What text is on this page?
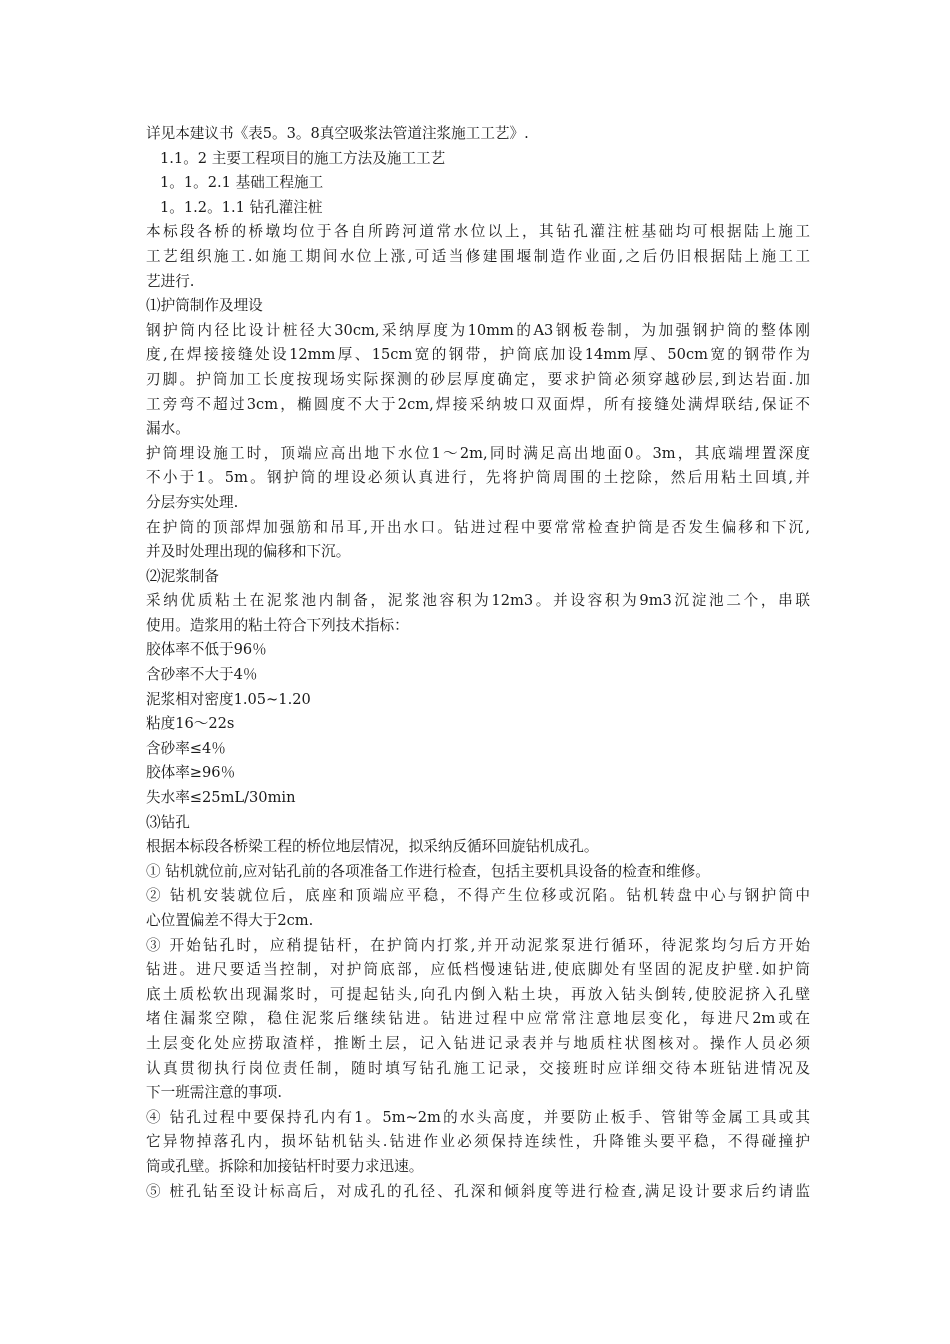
详见本建议书《表5。3。8真空吸浆法管道注浆施工工艺》.
1.1。2 主要工程项目的施工方法及施工工艺
1。1。2.1 基础工程施工
1。1.2。1.1 钻孔灌注桩
本标段各桥的桥墩均位于各自所跨河道常水位以上，其钻孔灌注桩基础均可根据陆上施工
工艺组织施工.如施工期间水位上涨,可适当修建围堰制造作业面,之后仍旧根据陆上施工工
艺进行.
⑴护筒制作及埋设
钢护筒内径比设计桩径大30cm,采纳厚度为10mm的A3钢板卷制，为加强钢护筒的整体刚
度,在焊接接缝处设12mm厚、15cm宽的钢带，护筒底加设14mm厚、50cm宽的钢带作为
刃脚。护筒加工长度按现场实际探测的砂层厚度确定，要求护筒必须穿越砂层,到达岩面.加
工旁弯不超过3cm，椭圆度不大于2cm,焊接采纳坡口双面焊，所有接缝处满焊联结,保证不
漏水。
护筒埋设施工时，顶端应高出地下水位1～2m,同时满足高出地面0。3m，其底端埋置深度
不小于1。5m。钢护筒的埋设必须认真进行，先将护筒周围的土挖除，然后用粘土回填,并
分层夯实处理.
在护筒的顶部焊加强筋和吊耳,开出水口。钻进过程中要常常检查护筒是否发生偏移和下沉,
并及时处理出现的偏移和下沉。
⑵泥浆制备
采纳优质粘土在泥浆池内制备，泥浆池容积为12m3。并设容积为9m3沉淀池二个，串联
使用。造浆用的粘土符合下列技术指标：
胶体率不低于96％
含砂率不大于4％
泥浆相对密度1.05~1.20
粘度16～22s
含砂率≤4％
胶体率≥96％
失水率≤25mL/30min
⑶钻孔
根据本标段各桥梁工程的桥位地层情况，拟采纳反循环回旋钻机成孔。
① 钻机就位前,应对钻孔前的各项准备工作进行检查，包括主要机具设备的检查和维修。
② 钻机安装就位后，底座和顶端应平稳，不得产生位移或沉陷。钻机转盘中心与钢护筒中
心位置偏差不得大于2cm.
③ 开始钻孔时，应稍提钻杆，在护筒内打浆,并开动泥浆泵进行循环，待泥浆均匀后方开始
钻进。进尺要适当控制，对护筒底部，应低档慢速钻进,使底脚处有坚固的泥皮护壁.如护筒
底土质松软出现漏浆时，可提起钻头,向孔内倒入粘土块，再放入钻头倒转,使胶泥挤入孔壁
堵住漏浆空隙，稳住泥浆后继续钻进。钻进过程中应常常注意地层变化，每进尺2m或在
土层变化处应捞取渣样，推断土层，记入钻进记录表并与地质柱状图核对。操作人员必须
认真贯彻执行岗位责任制，随时填写钻孔施工记录，交接班时应详细交待本班钻进情况及
下一班需注意的事项.
④ 钻孔过程中要保持孔内有1。5m~2m的水头高度，并要防止板手、管钳等金属工具或其
它异物掉落孔内，损坏钻机钻头.钻进作业必须保持连续性，升降锥头要平稳，不得碰撞护
筒或孔壁。拆除和加接钻杆时要力求迅速。
⑤ 桩孔钻至设计标高后，对成孔的孔径、孔深和倾斜度等进行检查,满足设计要求后约请监
